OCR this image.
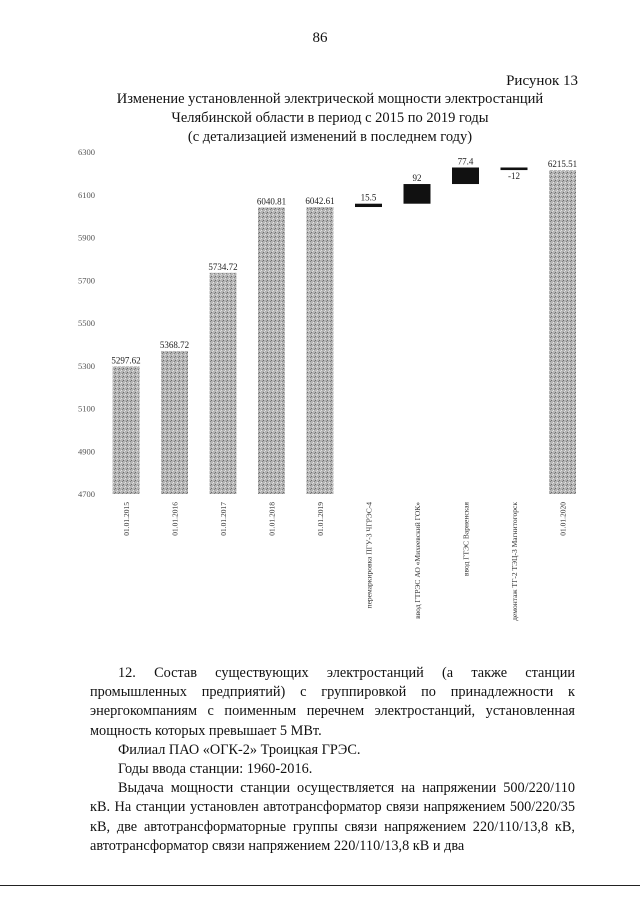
86
Рисунок 13
Изменение установленной электрической мощности электростанций
Челябинской области в период с 2015 по 2019 годы
(с детализацией изменений в последнем году)
6300
6100
5900
5700
5500
5300
5100
4900
4700
5297.62
5368.72
5734.72
6040.81 6042.61	15.5
92
77.4
-12
6215.51
01.01.2015	01.01.2016	01.01.2017	01.01.2018	01.01.2019	перемаркировка ПГУ-3 ЧГРЭС-4	ввод ГТРЭС АО «Михеевский ГОК»	ввод ГТЭС Варненская	демонтаж ТГ-2 ТЭЦ-3 Магнитогорск	01.01.2020

12. Состав существующих электростанций (а также станции промышленных предприятий) с группировкой по принадлежности к энергокомпаниям с поименным перечнем электростанций, установленная мощность которых превышает 5 МВт.

Филиал ПАО «ОГК-2» Троицкая ГРЭС.

Годы ввода станции: 1960-2016.

Выдача мощности станции осуществляется на напряжении 500/220/110 кВ. На станции установлен автотрансформатор связи напряжением 500/220/35 кВ, две автотрансформаторные группы связи напряжением 220/110/13,8 кВ, автотрансформатор связи напряжением 220/110/13,8 кВ и два
